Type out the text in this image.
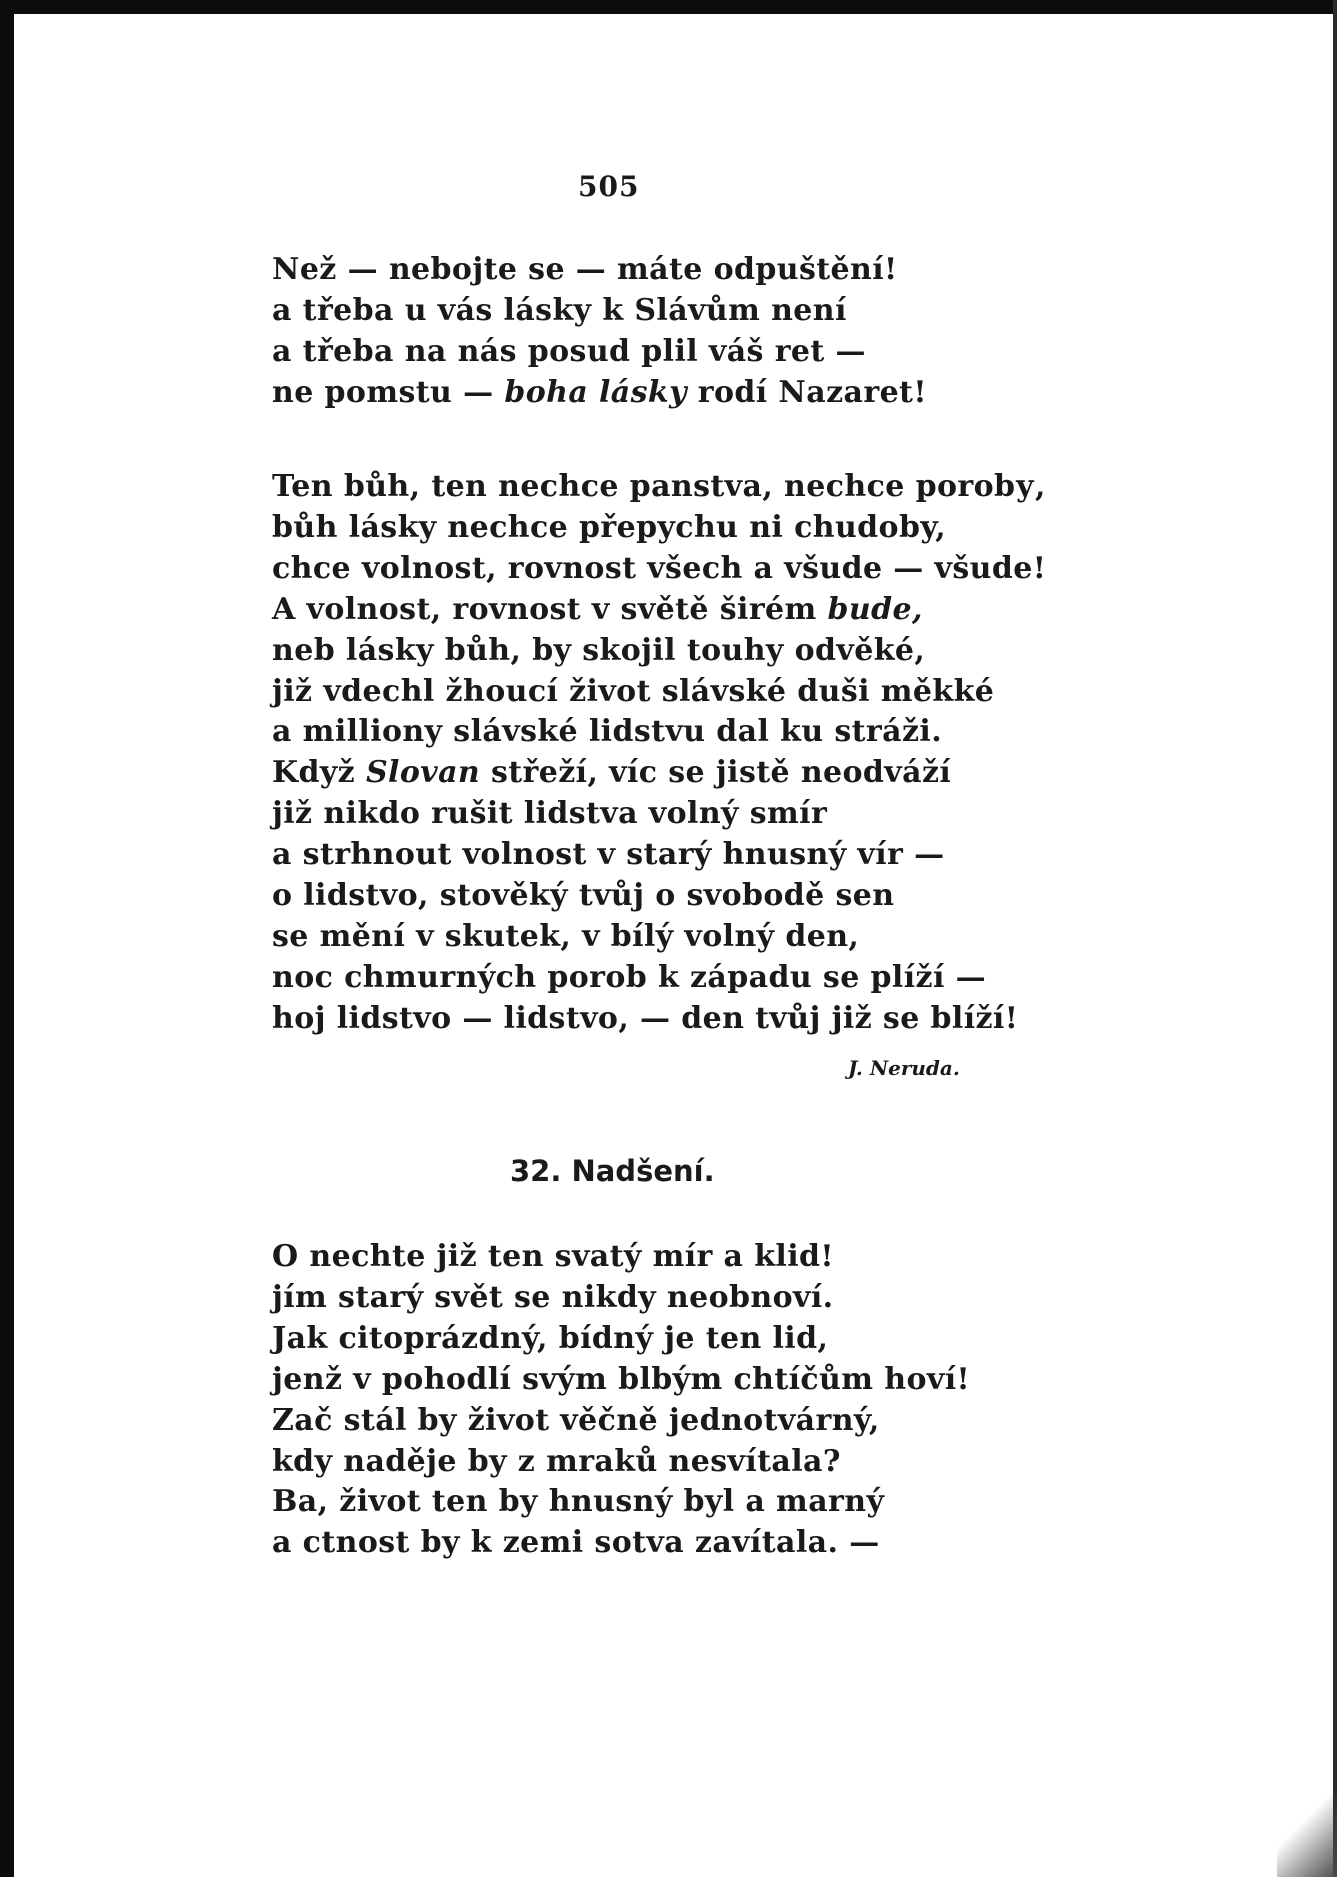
505
Než — nebojte se — máte odpuštění!
a třeba u vás lásky k Slávům není
a třeba na nás posud plil váš ret —
ne pomstu — boha lásky rodí Nazaret!
Ten bůh, ten nechce panstva, nechce porobу,
bůh lásky nechce přepychu ni chudoby,
chce volnost, rovnost všech a všude — všude!
A volnost, rovnost v světě širém bude,
neb lásky bůh, by skojil touhy odvěké,
již vdechl žhoucí život slávské duši měkké
a milliony slávské lidstvu dal ku stráži.
Když Slovan střeží, víc se jistě neodváží
již nikdo rušit lidstva volný smír
a strhnout volnost v starý hnusný vír —
o lidstvo, stověký tvůj o svobodě sen
se mění v skutek, v bílý volný den,
noc chmurných porob k západu se plíží —
hoj lidstvo — lidstvo, — den tvůj již se blíží!
J. Neruda.
32. Nadšení.
O nechte již ten svatý mír a klid!
jím starý svět se nikdy neobnoví.
Jak citoprázdný, bídný je ten lid,
jenž v pohodlí svým blbým chtíčům hoví!
Zač stál by život věčně jednotvárný,
kdy naděje by z mraků nesvítala?
Ba, život ten by hnusný byl a marný
a ctnost by k zemi sotva zavítala. —
